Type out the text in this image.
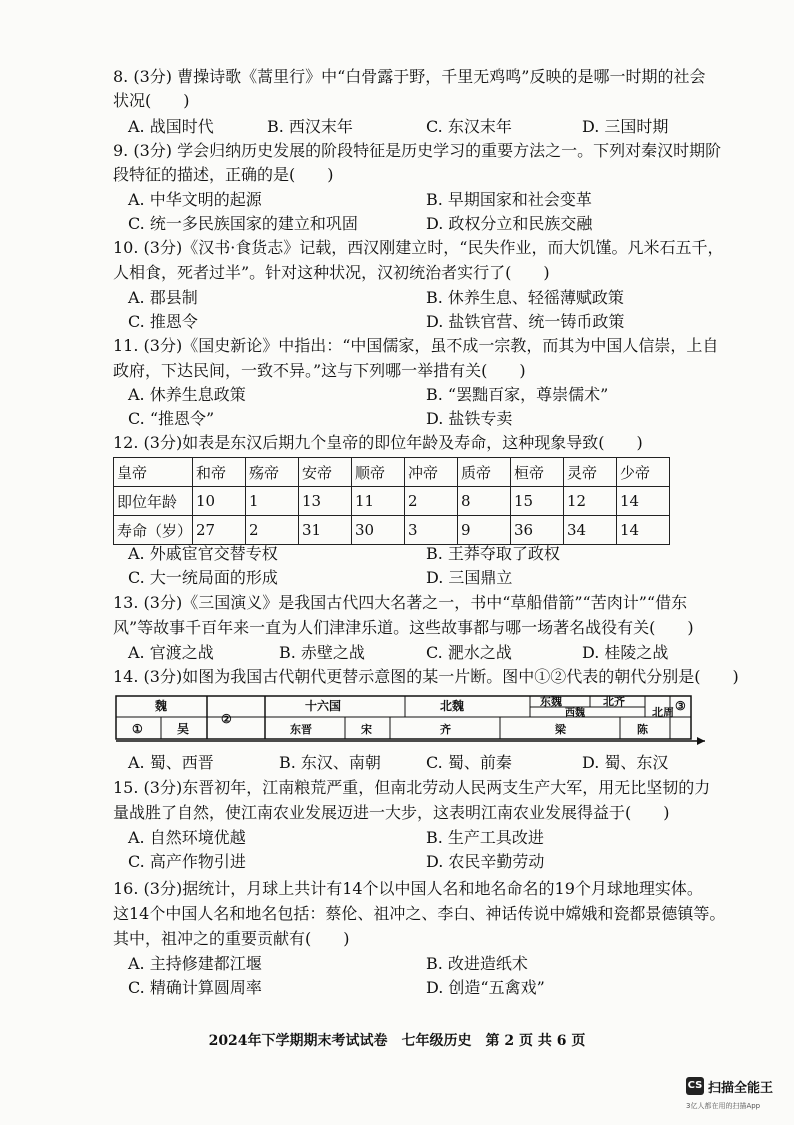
8. (3分) 曹操诗歌《蒿里行》中“白骨露于野，千里无鸡鸣”反映的是哪一时期的社会
状况(　　)
A. 战国时代	B. 西汉末年	C. 东汉末年	D. 三国时期
9. (3分) 学会归纳历史发展的阶段特征是历史学习的重要方法之一。下列对秦汉时期阶
段特征的描述，正确的是(　　)
A. 中华文明的起源	B. 早期国家和社会变革
C. 统一多民族国家的建立和巩固	D. 政权分立和民族交融
10. (3分)《汉书·食货志》记载，西汉刚建立时，“民失作业，而大饥馑。凡米石五千，
人相食，死者过半”。针对这种状况，汉初统治者实行了(　　)
A. 郡县制	B. 休养生息、轻徭薄赋政策
C. 推恩令	D. 盐铁官营、统一铸币政策
11. (3分)《国史新论》中指出：“中国儒家，虽不成一宗教，而其为中国人信崇，上自
政府，下达民间，一致不异。”这与下列哪一举措有关(　　)
A. 休养生息政策	B. “罢黜百家，尊崇儒术”
C. “推恩令”	D. 盐铁专卖
12. (3分)如表是东汉后期九个皇帝的即位年龄及寿命，这种现象导致(　　)
皇帝	和帝	殇帝	安帝	顺帝	冲帝	质帝	桓帝	灵帝	少帝
即位年龄	10	1	13	11	2	8	15	12	14
寿命（岁）	27	2	31	30	3	9	36	34	14
A. 外戚宦官交替专权	B. 王莽夺取了政权
C. 大一统局面的形成	D. 三国鼎立
13. (3分)《三国演义》是我国古代四大名著之一，书中“草船借箭”“苦肉计”“借东
风”等故事千百年来一直为人们津津乐道。这些故事都与哪一场著名战役有关(　　)
A. 官渡之战	B. 赤壁之战	C. 淝水之战	D. 桂陵之战
14. (3分)如图为我国古代朝代更替示意图的某一片断。图中①②代表的朝代分别是(　　)
魏
①	吴
②
十六国	北魏	东魏	北齐
西魏	北周 ③
东晋	宋	齐	梁	陈
A. 蜀、西晋	B. 东汉、南朝	C. 蜀、前秦	D. 蜀、东汉
15. (3分)东晋初年，江南粮荒严重，但南北劳动人民两支生产大军，用无比坚韧的力
量战胜了自然，使江南农业发展迈进一大步，这表明江南农业发展得益于(　　)
A. 自然环境优越	B. 生产工具改进
C. 高产作物引进	D. 农民辛勤劳动
16. (3分)据统计，月球上共计有14个以中国人名和地名命名的19个月球地理实体。
这14个中国人名和地名包括：蔡伦、祖冲之、李白、神话传说中嫦娥和瓷都景德镇等。
其中，祖冲之的重要贡献有(　　)
A. 主持修建都江堰	B. 改进造纸术
C. 精确计算圆周率	D. 创造“五禽戏”
2024年下学期期末考试试卷　七年级历史　第 2 页 共 6 页
CS 扫描全能王
3亿人都在用的扫描App
